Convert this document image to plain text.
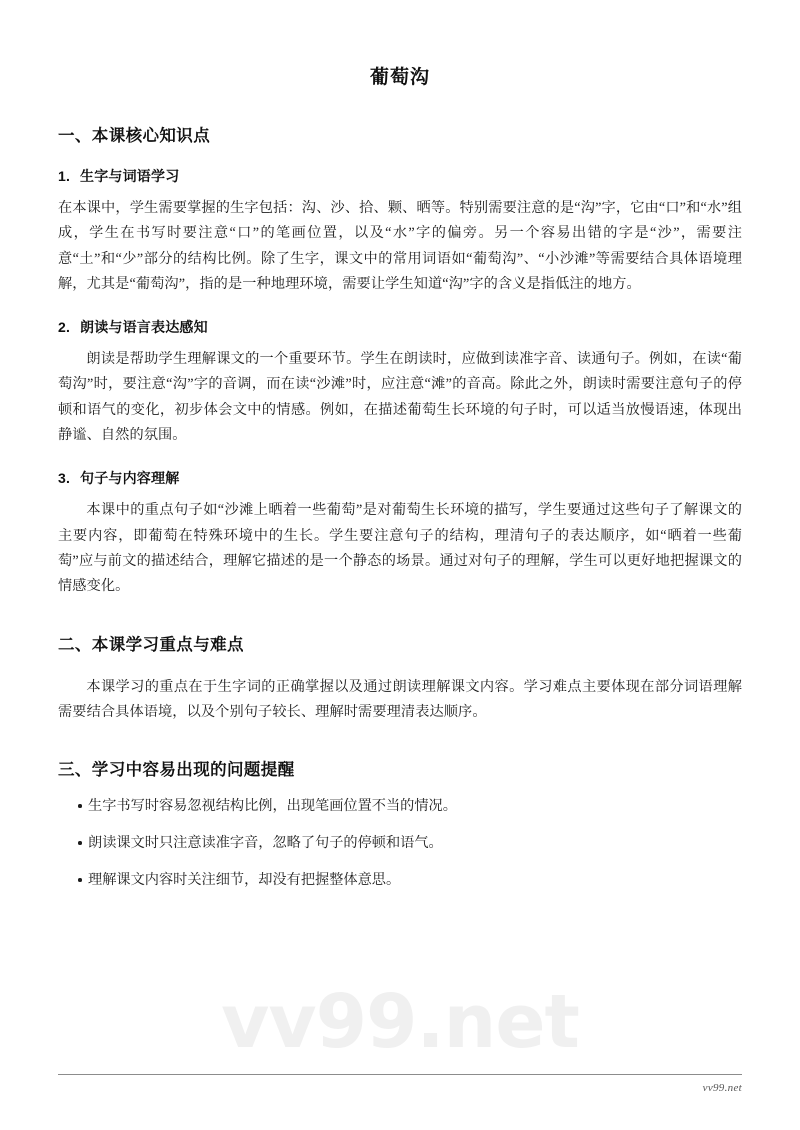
葡萄沟
一、本课核心知识点
1. 生字与词语学习

在本课中，学生需要掌握的生字包括：沟、沙、拾、颗、晒等。特别需要注意的是“沟”字，它由“口”和“水”组成，学生在书写时要注意“口”的笔画位置，以及“水”字的偏旁。另一个容易出错的字是“沙”，需要注意“土”和“少”部分的结构比例。除了生字，课文中的常用词语如“葡萄沟”、“小沙滩”等需要结合具体语境理解，尤其是“葡萄沟”，指的是一种地理环境，需要让学生知道“沟”字的含义是指低注的地方。

2. 朗读与语言表达感知

朗读是帮助学生理解课文的一个重要环节。学生在朗读时，应做到读准字音、读通句子。例如，在读“葡萄沟”时，要注意“沟”字的音调，而在读“沙滩”时，应注意“滩”的音高。除此之外，朗读时需要注意句子的停顿和语气的变化，初步体会文中的情感。例如，在描述葡萄生长环境的句子时，可以适当放慢语速，体现出静谧、自然的氛围。

3. 句子与内容理解

本课中的重点句子如“沙滩上晒着一些葡萄”是对葡萄生长环境的描写，学生要通过这些句子了解课文的主要内容，即葡萄在特殊环境中的生长。学生要注意句子的结构，理清句子的表达顺序，如“晒着一些葡萄”应与前文的描述结合，理解它描述的是一个静态的场景。通过对句子的理解，学生可以更好地把握课文的情感变化。

二、本课学习重点与难点

本课学习的重点在于生字词的正确掌握以及通过朗读理解课文内容。学习难点主要体现在部分词语理解需要结合具体语境，以及个别句子较长、理解时需要理清表达顺序。

三、学习中容易出现的问题提醒
生字书写时容易忽视结构比例，出现笔画位置不当的情况。
朗读课文时只注意读准字音，忽略了句子的停顿和语气。
理解课文内容时关注细节，却没有把握整体意思。
vv99.net
vv99.net
